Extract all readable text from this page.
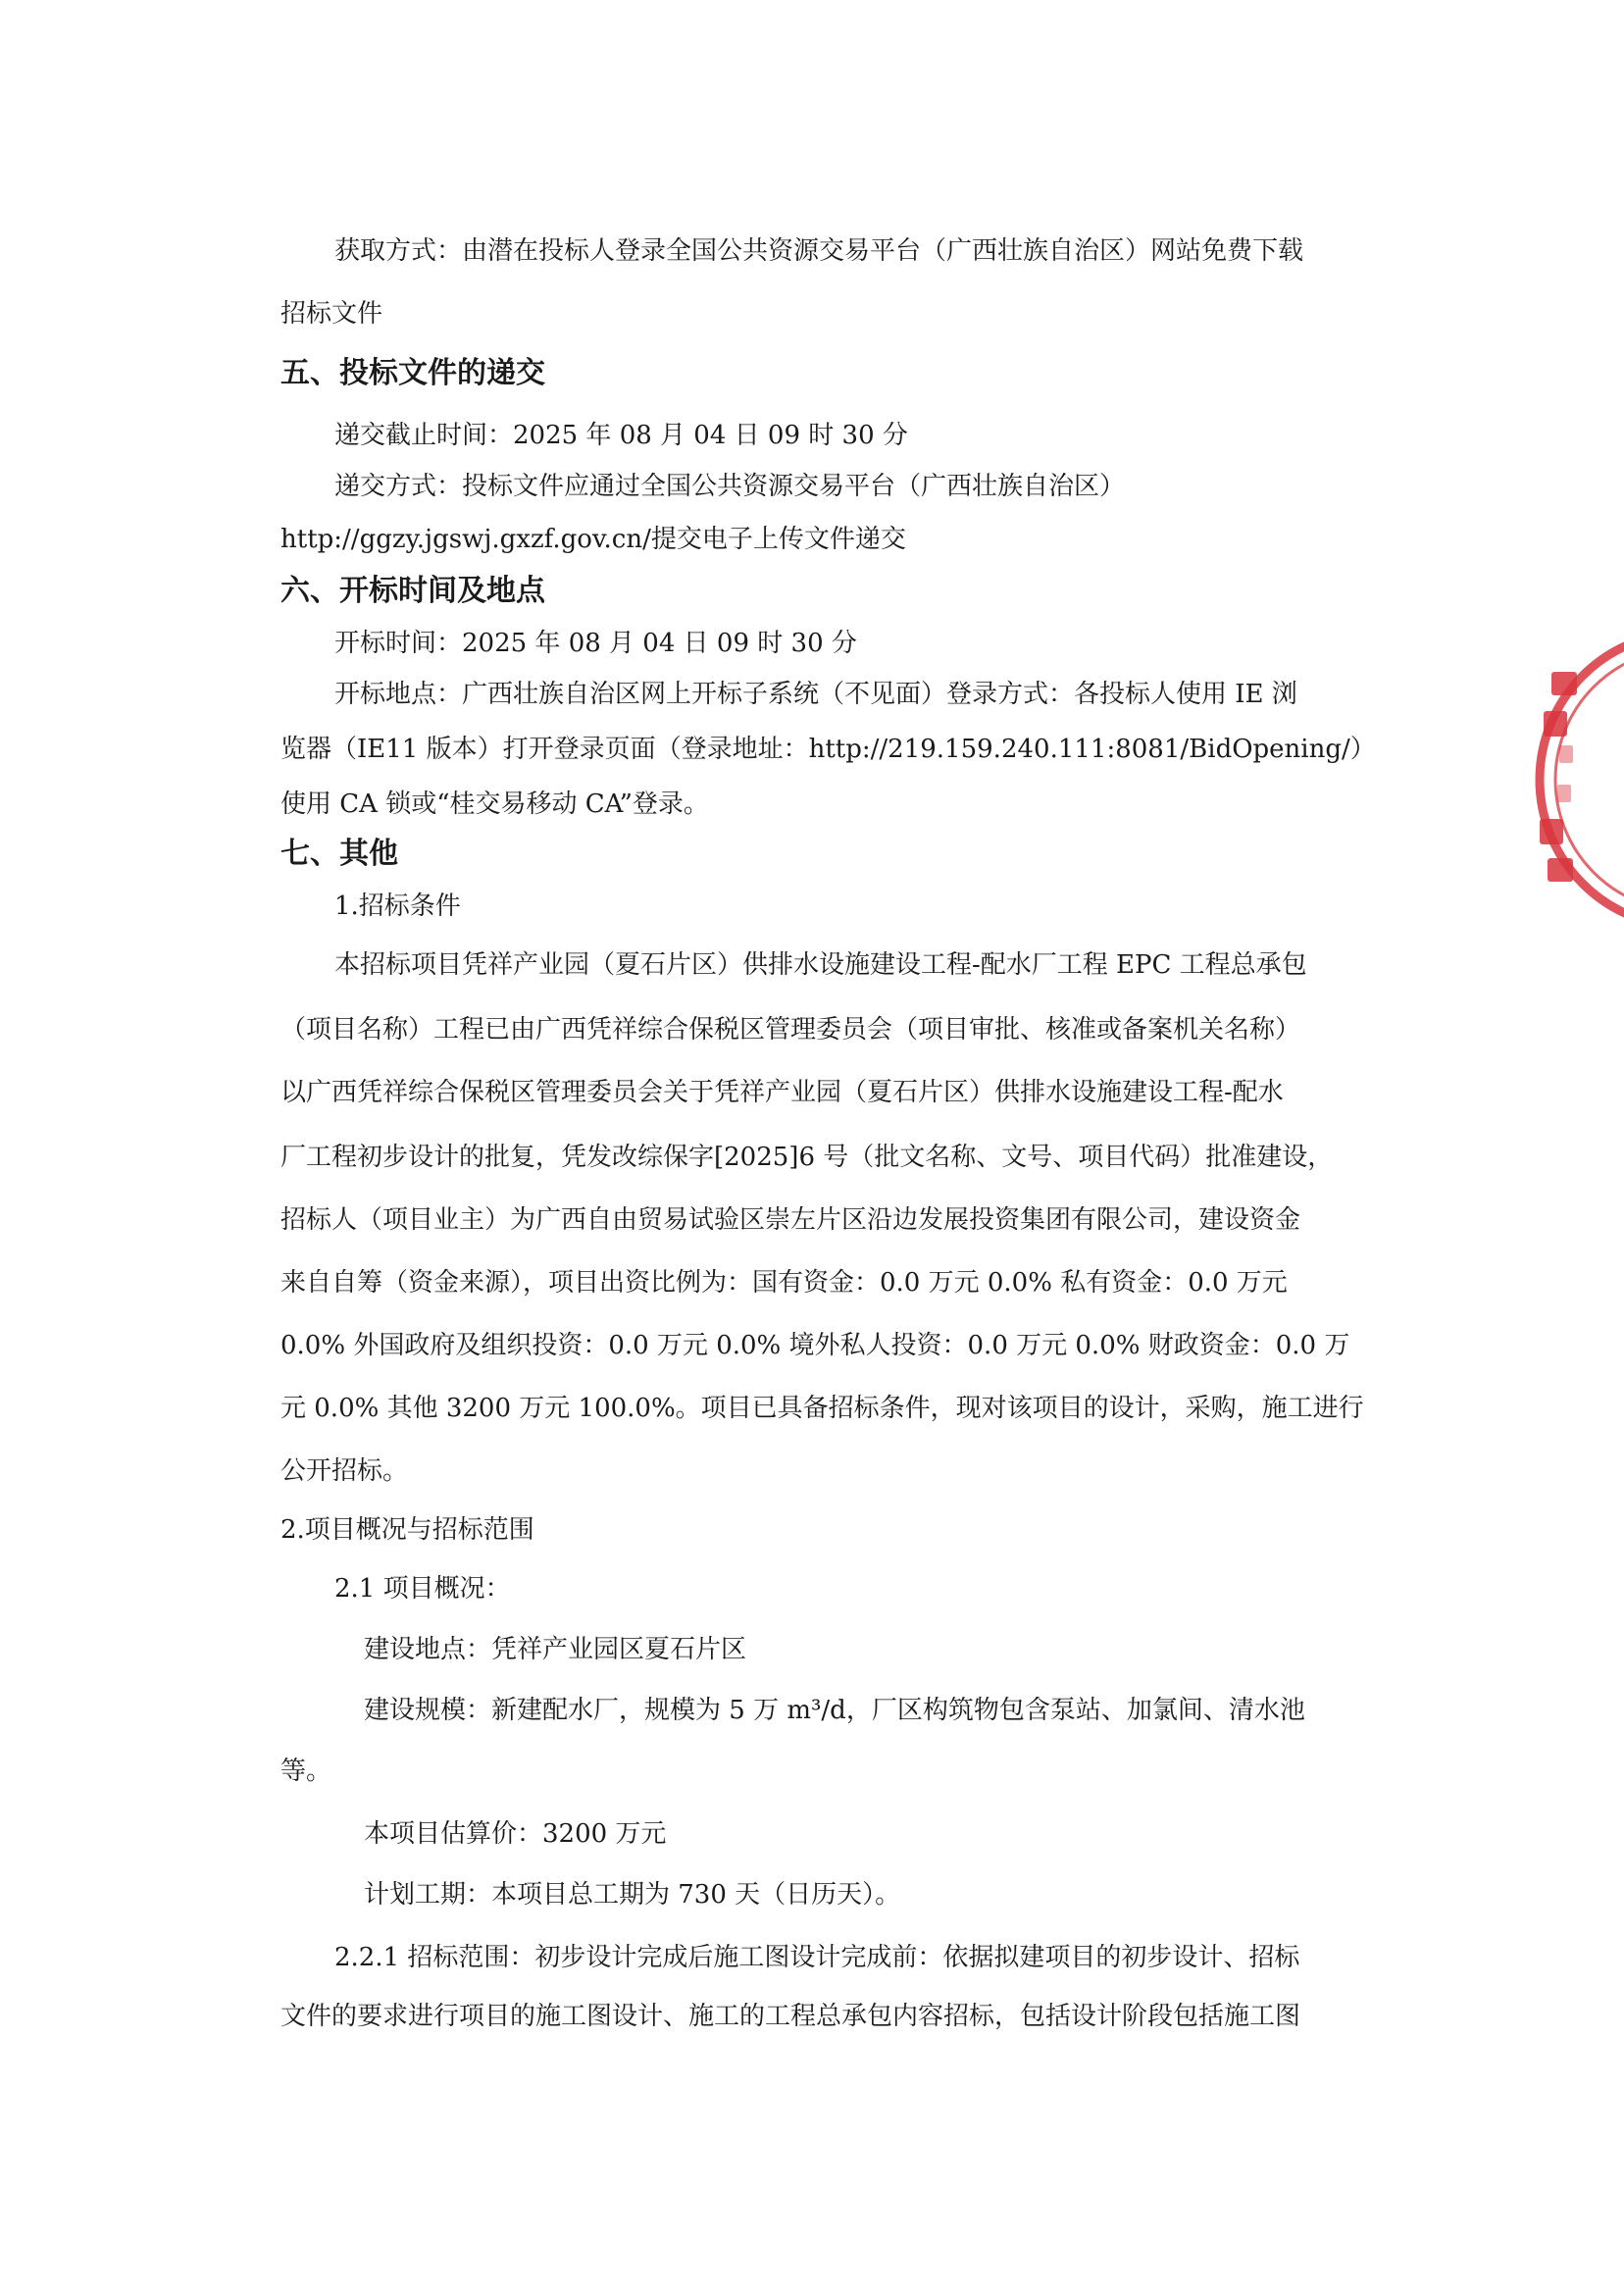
获取方式：由潜在投标人登录全国公共资源交易平台（广西壮族自治区）网站免费下载
招标文件
五、投标文件的递交
递交截止时间：2025 年 08 月 04 日 09 时 30 分
递交方式：投标文件应通过全国公共资源交易平台（广西壮族自治区）
http://ggzy.jgswj.gxzf.gov.cn/提交电子上传文件递交
六、开标时间及地点
开标时间：2025 年 08 月 04 日 09 时 30 分
开标地点：广西壮族自治区网上开标子系统（不见面）登录方式：各投标人使用 IE 浏
览器（IE11 版本）打开登录页面（登录地址：http://219.159.240.111:8081/BidOpening/）
使用 CA 锁或“桂交易移动 CA”登录。
七、其他
1.招标条件
本招标项目凭祥产业园（夏石片区）供排水设施建设工程-配水厂工程 EPC 工程总承包
（项目名称）工程已由广西凭祥综合保税区管理委员会（项目审批、核准或备案机关名称）
以广西凭祥综合保税区管理委员会关于凭祥产业园（夏石片区）供排水设施建设工程-配水
厂工程初步设计的批复，凭发改综保字[2025]6 号（批文名称、文号、项目代码）批准建设，
招标人（项目业主）为广西自由贸易试验区崇左片区沿边发展投资集团有限公司，建设资金
来自自筹（资金来源），项目出资比例为：国有资金：0.0 万元 0.0% 私有资金：0.0 万元
0.0% 外国政府及组织投资：0.0 万元 0.0% 境外私人投资：0.0 万元 0.0% 财政资金：0.0 万
元 0.0% 其他 3200 万元 100.0%。项目已具备招标条件，现对该项目的设计，采购，施工进行
公开招标。
2.项目概况与招标范围
2.1 项目概况：
建设地点：凭祥产业园区夏石片区
建设规模：新建配水厂，规模为 5 万 m³/d，厂区构筑物包含泵站、加氯间、清水池
等。
本项目估算价：3200 万元
计划工期：本项目总工期为 730 天（日历天）。
2.2.1 招标范围：初步设计完成后施工图设计完成前：依据拟建项目的初步设计、招标
文件的要求进行项目的施工图设计、施工的工程总承包内容招标，包括设计阶段包括施工图
